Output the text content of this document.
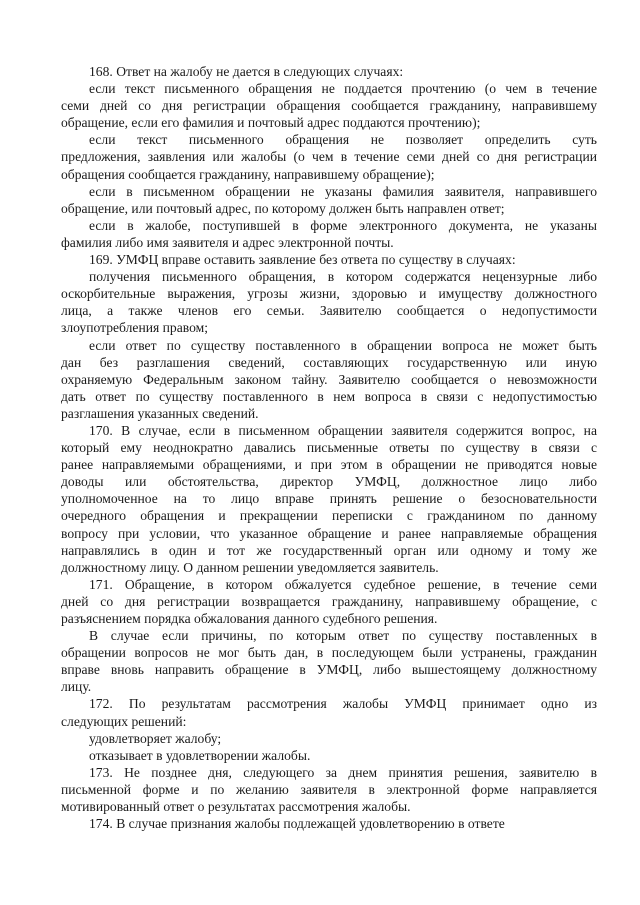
168. Ответ на жалобу не дается в следующих случаях:
если текст письменного обращения не поддается прочтению (о чем в течение
семи дней со дня регистрации обращения сообщается гражданину, направившему
обращение, если его фамилия и почтовый адрес поддаются прочтению);
если текст письменного обращения не позволяет определить суть
предложения, заявления или жалобы (о чем в течение семи дней со дня регистрации
обращения сообщается гражданину, направившему обращение);
если в письменном обращении не указаны фамилия заявителя, направившего
обращение, или почтовый адрес, по которому должен быть направлен ответ;
если в жалобе, поступившей в форме электронного документа, не указаны
фамилия либо имя заявителя и адрес электронной почты.
169. УМФЦ вправе оставить заявление без ответа по существу в случаях:
получения письменного обращения, в котором содержатся нецензурные либо
оскорбительные выражения, угрозы жизни, здоровью и имуществу должностного
лица, а также членов его семьи. Заявителю сообщается о недопустимости
злоупотребления правом;
если ответ по существу поставленного в обращении вопроса не может быть
дан без разглашения сведений, составляющих государственную или иную
охраняемую Федеральным законом тайну. Заявителю сообщается о невозможности
дать ответ по существу поставленного в нем вопроса в связи с недопустимостью
разглашения указанных сведений.
170. В случае, если в письменном обращении заявителя содержится вопрос, на
который ему неоднократно давались письменные ответы по существу в связи с
ранее направляемыми обращениями, и при этом в обращении не приводятся новые
доводы или обстоятельства, директор УМФЦ, должностное лицо либо
уполномоченное на то лицо вправе принять решение о безосновательности
очередного обращения и прекращении переписки с гражданином по данному
вопросу при условии, что указанное обращение и ранее направляемые обращения
направлялись в один и тот же государственный орган или одному и тому же
должностному лицу. О данном решении уведомляется заявитель.
171. Обращение, в котором обжалуется судебное решение, в течение семи
дней со дня регистрации возвращается гражданину, направившему обращение, с
разъяснением порядка обжалования данного судебного решения.
В случае если причины, по которым ответ по существу поставленных в
обращении вопросов не мог быть дан, в последующем были устранены, гражданин
вправе вновь направить обращение в УМФЦ, либо вышестоящему должностному
лицу.
172. По результатам рассмотрения жалобы УМФЦ принимает одно из
следующих решений:
удовлетворяет жалобу;
отказывает в удовлетворении жалобы.
173. Не позднее дня, следующего за днем принятия решения, заявителю в
письменной форме и по желанию заявителя в электронной форме направляется
мотивированный ответ о результатах рассмотрения жалобы.
174. В случае признания жалобы подлежащей удовлетворению в ответе
